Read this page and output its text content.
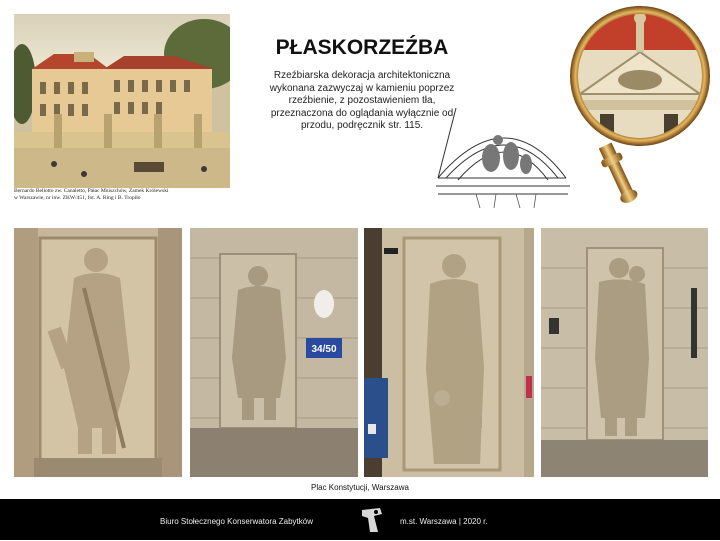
Bernardo Bellotto zw. Canaletto, Pałac Mniszchów, Zamek Królewski
w Warszawie, nr inw. ZKW/451, fot. A. Ring i B. Tropiło
PŁASKORZEŹBA
Rzeźbiarska dekoracja architektoniczna wykonana zazwyczaj w kamieniu poprzez rzeźbienie, z pozostawieniem tła, przeznaczona do oglądania wyłącznie od przodu, podręcznik str. 115.
34/50
Plac Konstytucji, Warszawa
Biuro Stołecznego Konserwatora Zabytków	m.st. Warszawa | 2020 r.
